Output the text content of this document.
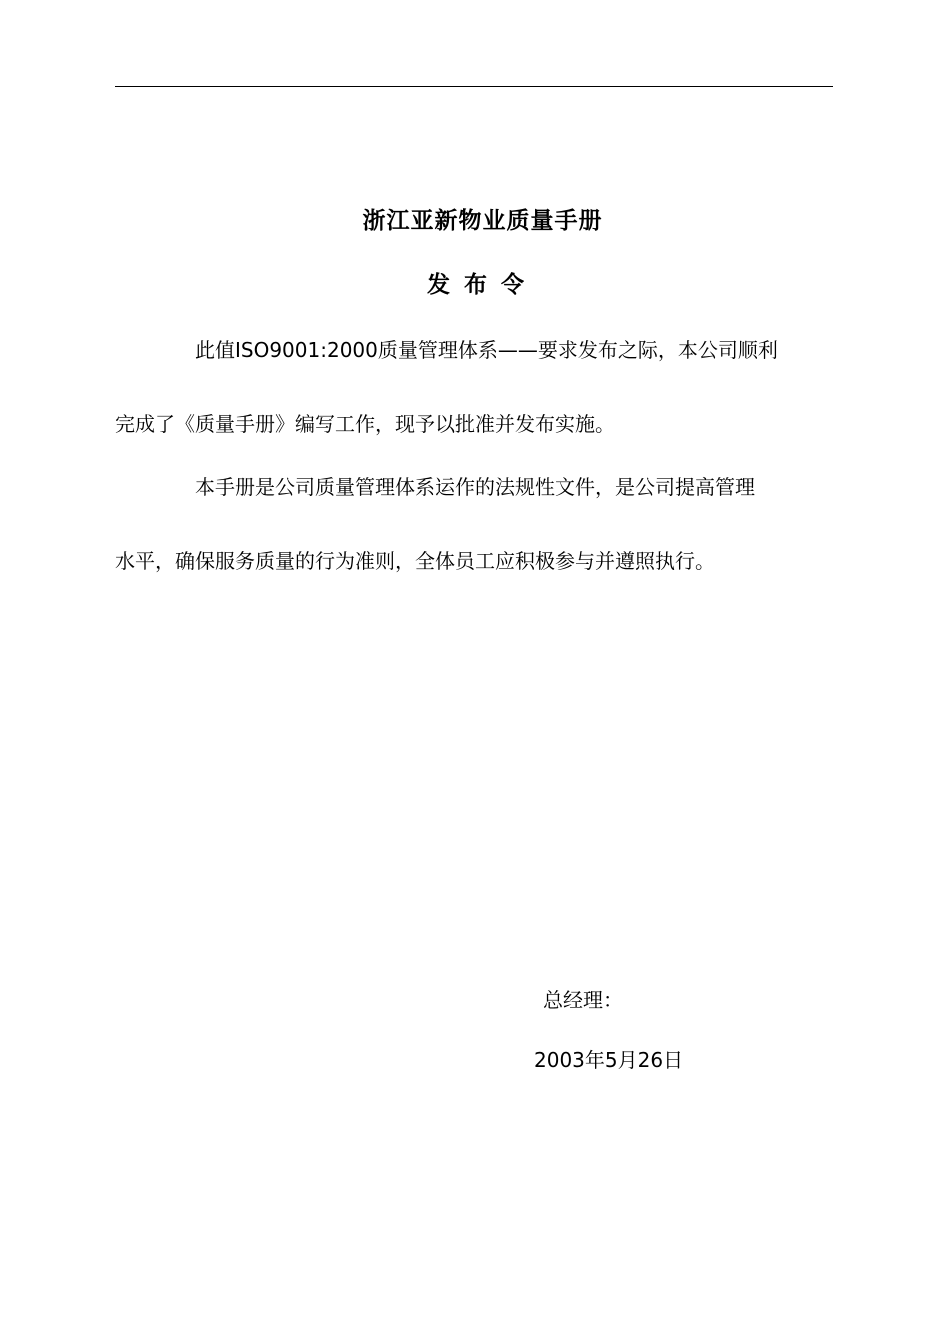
浙江亚新物业质量手册
发布令
此值ISO9001:2000质量管理体系——要求发布之际，本公司顺利
完成了《质量手册》编写工作，现予以批准并发布实施。
本手册是公司质量管理体系运作的法规性文件，是公司提高管理
水平，确保服务质量的行为准则，全体员工应积极参与并遵照执行。
总经理：
2003年5月26日
